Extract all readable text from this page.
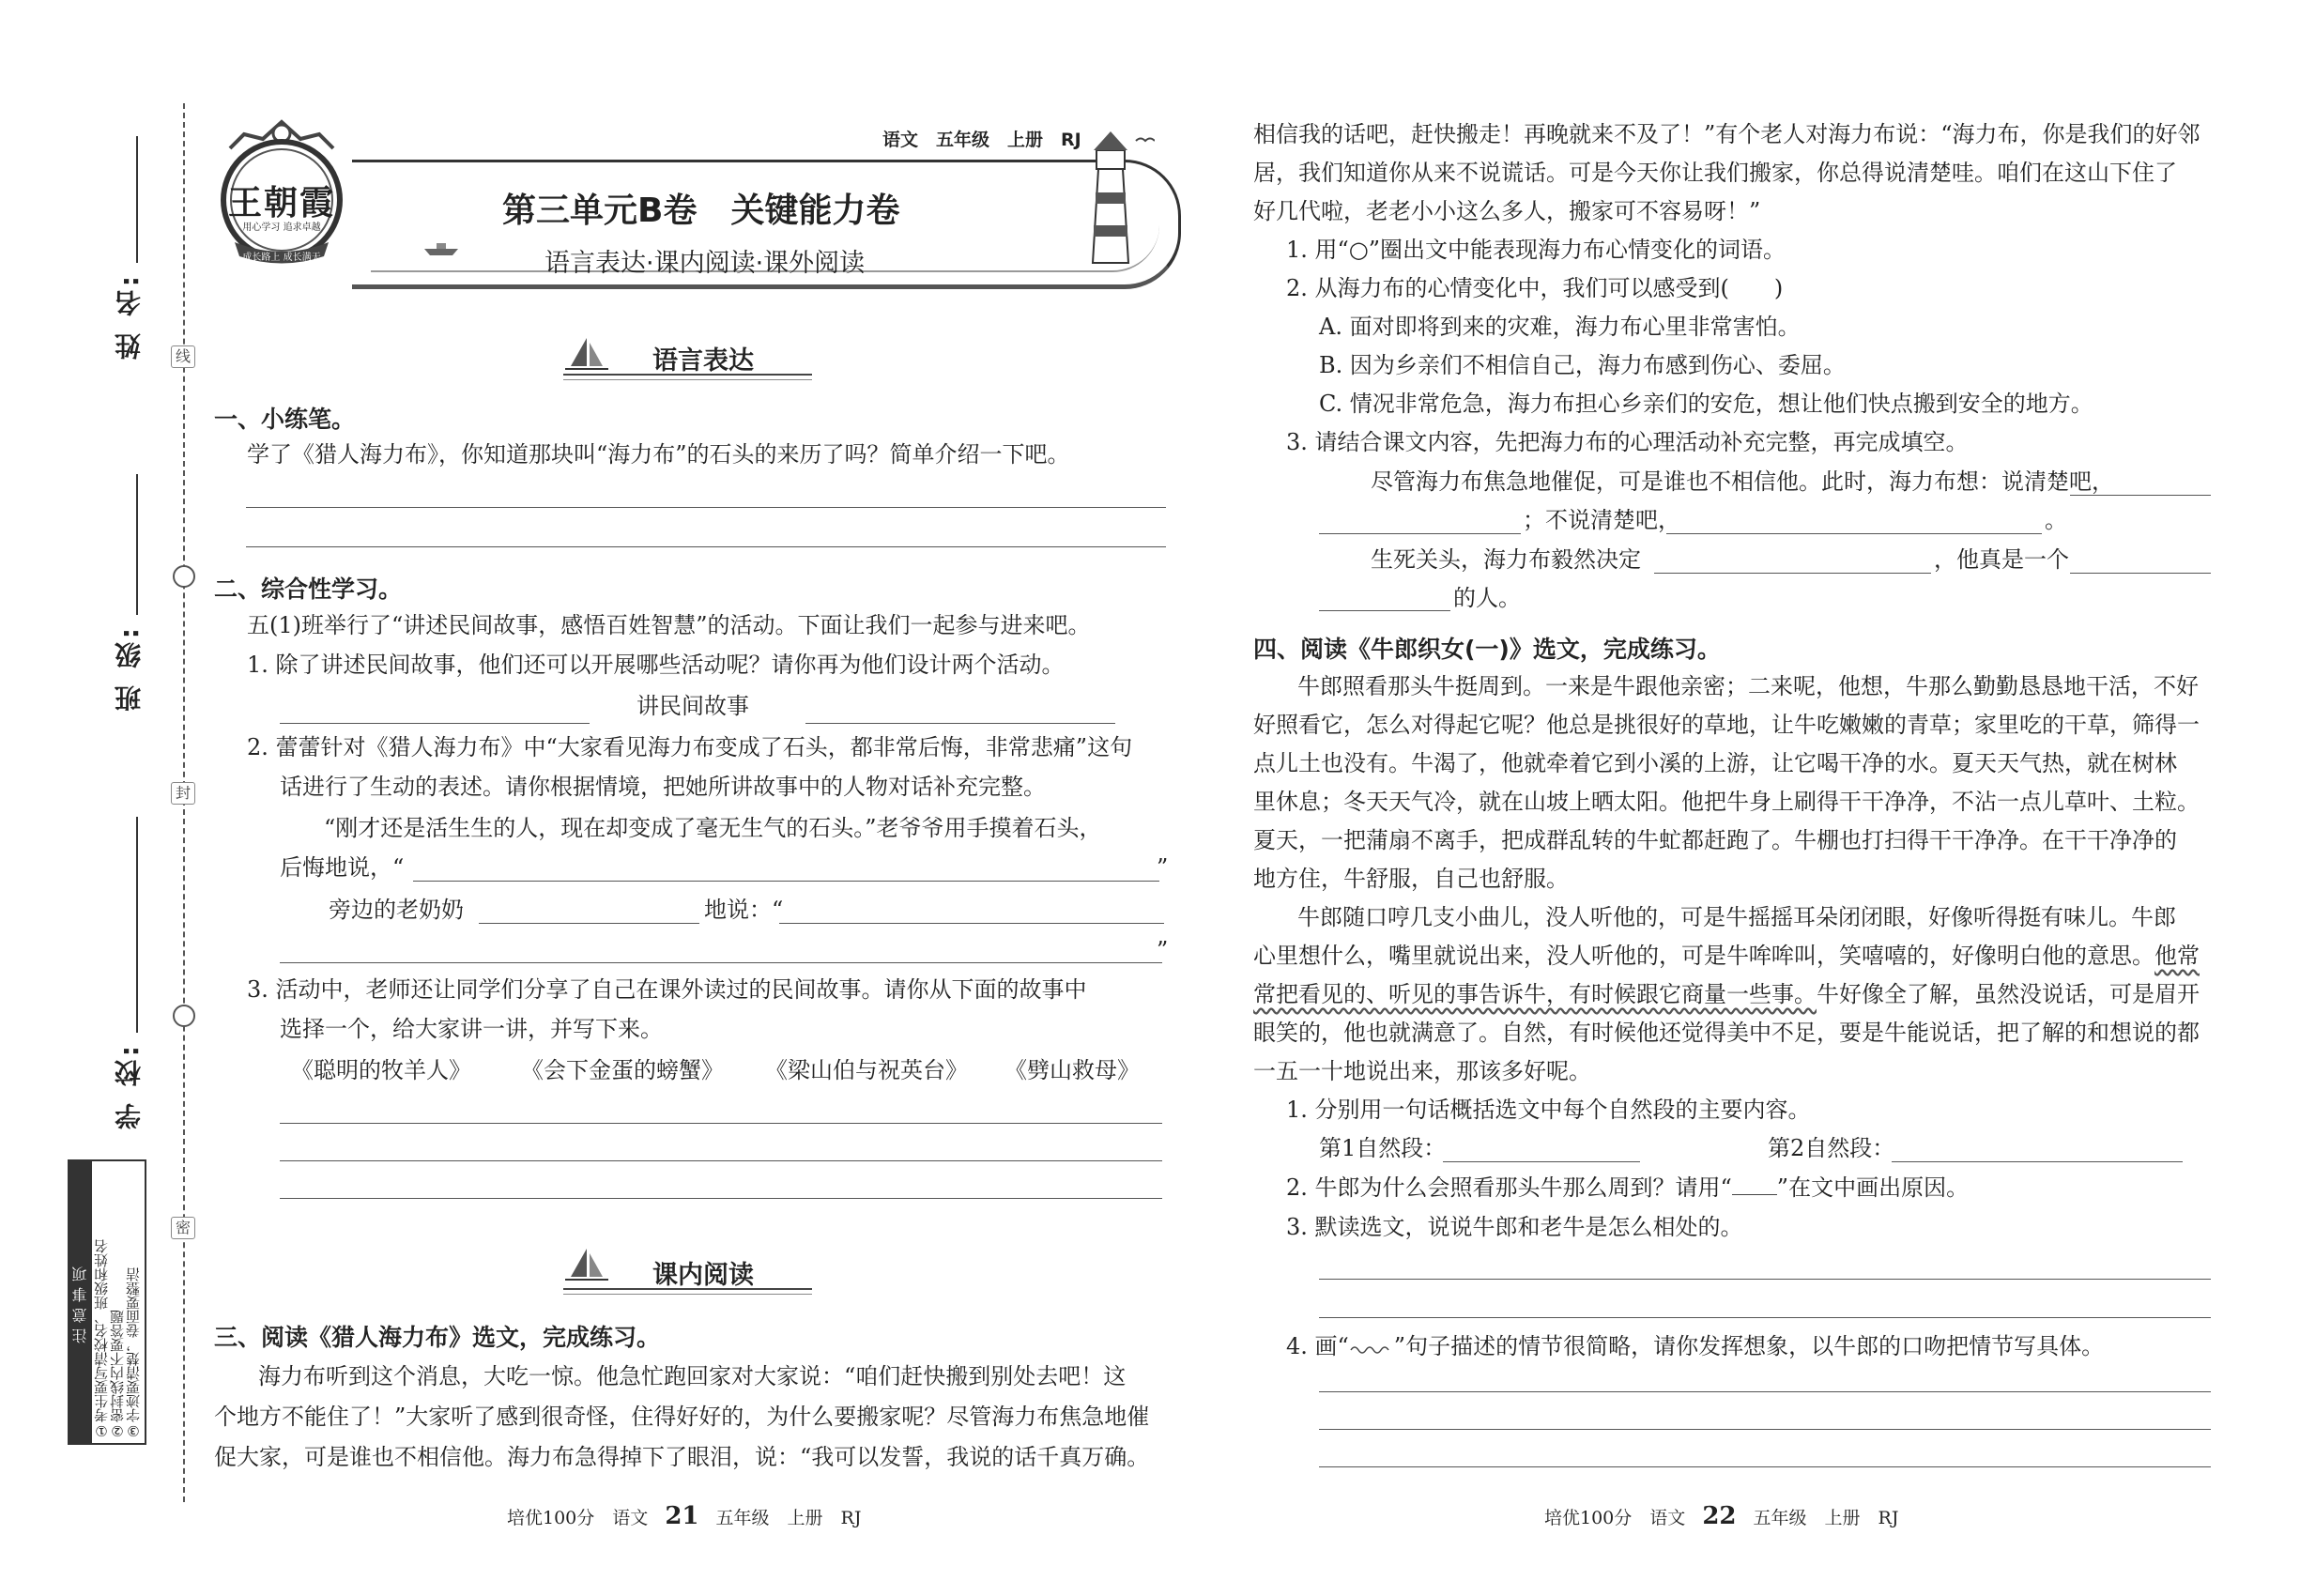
姓 名:
班 级:
学 校:
线
封
密
注意事项 ①考生要写清校名、班级和姓名 ②密封线内不要答题 ③字迹要清楚，卷面要整洁
王朝霞
用心学习 追求卓越
成长路上 成长满天
语文　五年级　上册　RJ
第三单元B卷　关键能力卷
语言表达·课内阅读·课外阅读
语言表达
一、小练笔。
学了《猎人海力布》，你知道那块叫“海力布”的石头的来历了吗？简单介绍一下吧。
二、综合性学习。
五(1)班举行了“讲述民间故事，感悟百姓智慧”的活动。下面让我们一起参与进来吧。
1. 除了讲述民间故事，他们还可以开展哪些活动呢？请你再为他们设计两个活动。
讲民间故事
2. 蕾蕾针对《猎人海力布》中“大家看见海力布变成了石头，都非常后悔，非常悲痛”这句
话进行了生动的表述。请你根据情境，把她所讲故事中的人物对话补充完整。
“刚才还是活生生的人，现在却变成了毫无生气的石头。”老爷爷用手摸着石头，
后悔地说，“	”
旁边的老奶奶	地说：“
”
3. 活动中，老师还让同学们分享了自己在课外读过的民间故事。请你从下面的故事中
选择一个，给大家讲一讲，并写下来。
《聪明的牧羊人》 《会下金蛋的螃蟹》 《梁山伯与祝英台》 《劈山救母》
课内阅读
三、阅读《猎人海力布》选文，完成练习。
海力布听到这个消息，大吃一惊。他急忙跑回家对大家说：“咱们赶快搬到别处去吧！这
个地方不能住了！”大家听了感到很奇怪，住得好好的，为什么要搬家呢？尽管海力布焦急地催
促大家，可是谁也不相信他。海力布急得掉下了眼泪，说：“我可以发誓，我说的话千真万确。
培优100分　语文 21 五年级　上册　RJ
相信我的话吧，赶快搬走！再晚就来不及了！”有个老人对海力布说：“海力布，你是我们的好邻
居，我们知道你从来不说谎话。可是今天你让我们搬家，你总得说清楚哇。咱们在这山下住了
好几代啦，老老小小这么多人，搬家可不容易呀！”
1. 用“○”圈出文中能表现海力布心情变化的词语。
2. 从海力布的心情变化中，我们可以感受到(　　)
A. 面对即将到来的灾难，海力布心里非常害怕。
B. 因为乡亲们不相信自己，海力布感到伤心、委屈。
C. 情况非常危急，海力布担心乡亲们的安危，想让他们快点搬到安全的地方。
3. 请结合课文内容，先把海力布的心理活动补充完整，再完成填空。
尽管海力布焦急地催促，可是谁也不相信他。此时，海力布想：说清楚吧，
；不说清楚吧，	。
生死关头，海力布毅然决定	，他真是一个
的人。
四、阅读《牛郎织女(一)》选文，完成练习。
牛郎照看那头牛挺周到。一来是牛跟他亲密；二来呢，他想，牛那么勤勤恳恳地干活，不好
好照看它，怎么对得起它呢？他总是挑很好的草地，让牛吃嫩嫩的青草；家里吃的干草，筛得一
点儿土也没有。牛渴了，他就牵着它到小溪的上游，让它喝干净的水。夏天天气热，就在树林
里休息；冬天天气冷，就在山坡上晒太阳。他把牛身上刷得干干净净，不沾一点儿草叶、土粒。
夏天，一把蒲扇不离手，把成群乱转的牛虻都赶跑了。牛棚也打扫得干干净净。在干干净净的
地方住，牛舒服，自己也舒服。
牛郎随口哼几支小曲儿，没人听他的，可是牛摇摇耳朵闭闭眼，好像听得挺有味儿。牛郎
心里想什么，嘴里就说出来，没人听他的，可是牛哞哞叫，笑嘻嘻的，好像明白他的意思。他常
常把看见的、听见的事告诉牛，有时候跟它商量一些事。牛好像全了解，虽然没说话，可是眉开
眼笑的，他也就满意了。自然，有时候他还觉得美中不足，要是牛能说话，把了解的和想说的都
一五一十地说出来，那该多好呢。
1. 分别用一句话概括选文中每个自然段的主要内容。
第1自然段：	第2自然段：
2. 牛郎为什么会照看那头牛那么周到？请用“ ”在文中画出原因。
3. 默读选文，说说牛郎和老牛是怎么相处的。
4. 画“ ”句子描述的情节很简略，请你发挥想象，以牛郎的口吻把情节写具体。
培优100分　语文 22 五年级　上册　RJ
